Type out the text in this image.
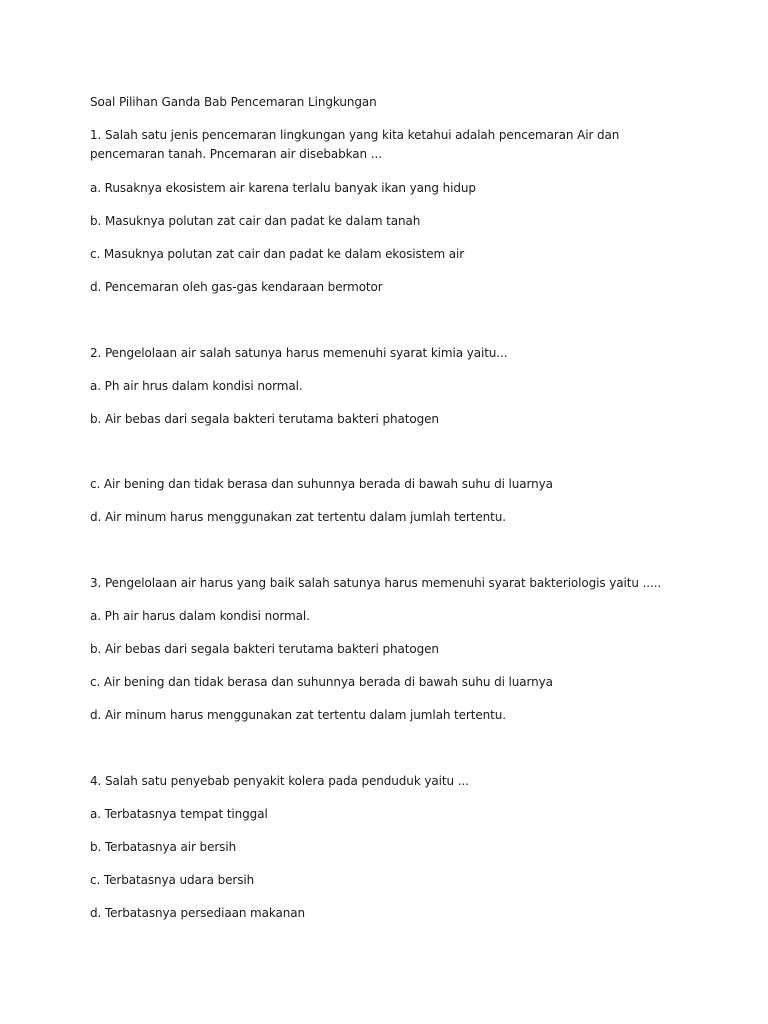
Soal Pilihan Ganda Bab Pencemaran Lingkungan
1. Salah satu jenis pencemaran lingkungan yang kita ketahui adalah pencemaran Air dan pencemaran tanah. Pncemaran air disebabkan ...
a. Rusaknya ekosistem air karena terlalu banyak ikan yang hidup
b. Masuknya polutan zat cair dan padat ke dalam tanah
c. Masuknya polutan zat cair dan padat ke dalam ekosistem air
d. Pencemaran oleh gas-gas kendaraan bermotor
2. Pengelolaan air salah satunya harus memenuhi syarat kimia yaitu...
a. Ph air hrus dalam kondisi normal.
b. Air bebas dari segala bakteri terutama bakteri phatogen
c. Air bening dan tidak berasa dan suhunnya berada di bawah suhu di luarnya
d. Air minum harus menggunakan zat tertentu dalam jumlah tertentu.
3. Pengelolaan air harus yang baik salah satunya harus memenuhi syarat bakteriologis yaitu .....
a. Ph air harus dalam kondisi normal.
b. Air bebas dari segala bakteri terutama bakteri phatogen
c. Air bening dan tidak berasa dan suhunnya berada di bawah suhu di luarnya
d. Air minum harus menggunakan zat tertentu dalam jumlah tertentu.
4. Salah satu penyebab penyakit kolera pada penduduk yaitu ...
a. Terbatasnya tempat tinggal
b. Terbatasnya air bersih
c. Terbatasnya udara bersih
d. Terbatasnya persediaan makanan
